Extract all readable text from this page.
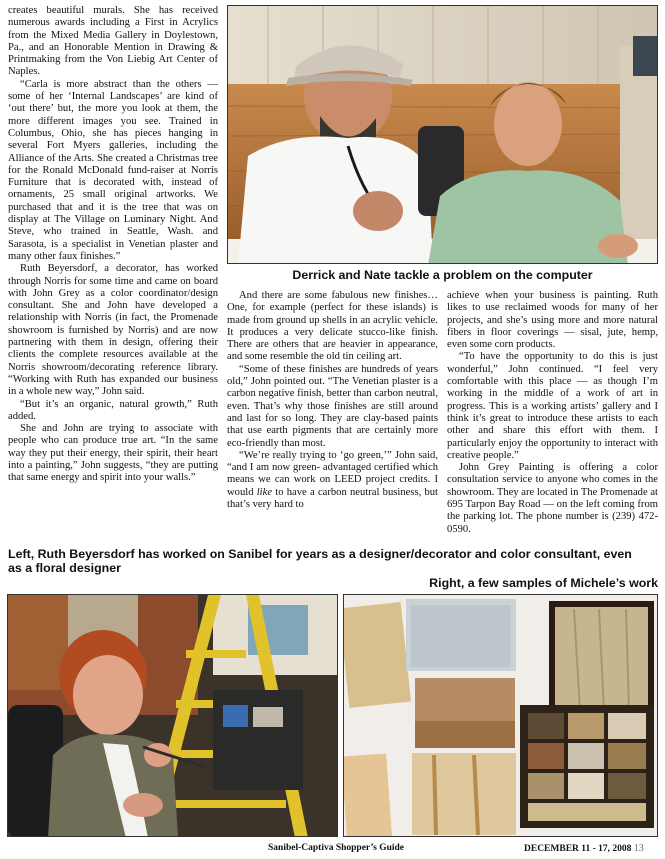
creates beautiful murals. She has received numerous awards including a First in Acrylics from the Mixed Media Gallery in Doylestown, Pa., and an Honorable Mention in Drawing & Printmaking from the Von Liebig Art Center of Naples.

“Carla is more abstract than the others — some of her ‘Internal Landscapes’ are kind of ‘out there’ but, the more you look at them, the more different images you see. Trained in Columbus, Ohio, she has pieces hanging in several Fort Myers galleries, including the Alliance of the Arts. She created a Christmas tree for the Ronald McDonald fund-raiser at Norris Furniture that is decorated with, instead of ornaments, 25 small original artworks. We purchased that and it is the tree that was on display at The Village on Luminary Night. And Steve, who trained in Seattle, Wash. and Sarasota, is a specialist in Venetian plaster and many other faux finishes.”

Ruth Beyersdorf, a decorator, has worked through Norris for some time and came on board with John Grey as a color coordinator/design consultant. She and John have developed a relationship with Norris (in fact, the Promenade showroom is furnished by Norris) and are now partnering with them in design, offering their clients the complete resources available at the Norris showroom/decorating reference library. “Working with Ruth has expanded our business in a whole new way,” John said.

“But it’s an organic, natural growth,” Ruth added.

She and John are trying to associate with people who can produce true art. “In the same way they put their energy, their spirit, their heart into a painting,” John suggests, “they are putting that same energy and spirit into your walls.”

Derrick and Nate tackle a problem on the computer

And there are some fabulous new finishes… One, for example (perfect for these islands) is made from ground up shells in an acrylic vehicle. It produces a very delicate stucco-like finish. There are others that are heavier in appearance, and some resemble the old tin ceiling art.

“Some of these finishes are hundreds of years old,” John pointed out. “The Venetian plaster is a carbon negative finish, better than carbon neutral, even. That’s why those finishes are still around and last for so long. They are clay-based paints that use earth pigments that are certainly more eco-friendly than most.

“We’re really trying to ‘go green,’” John said, “and I am now green- advantaged certified which means we can work on LEED project credits. I would like to have a carbon neutral business, but that’s very hard to

achieve when your business is painting. Ruth likes to use reclaimed woods for many of her projects, and she’s using more and more natural fibers in floor coverings — sisal, jute, hemp, even some corn products.

“To have the opportunity to do this is just wonderful,” John continued. “I feel very comfortable with this place — as though I’m working in the middle of a work of art in progress. This is a working artists’ gallery and I think it’s great to introduce these artists to each other and share this effort with them. I particularly enjoy the opportunity to interact with creative people.”

John Grey Painting is offering a color consultation service to anyone who comes in the showroom. They are located in The Promenade at 695 Tarpon Bay Road — on the left coming from the parking lot. The phone number is (239) 472-0590.

Left, Ruth Beyersdorf has worked on Sanibel for years as a designer/decorator and color consultant, even as a floral designer
Right, a few samples of Michele’s work
Sanibel-Captiva Shopper’s Guide	DECEMBER 11 - 17, 2008 13
